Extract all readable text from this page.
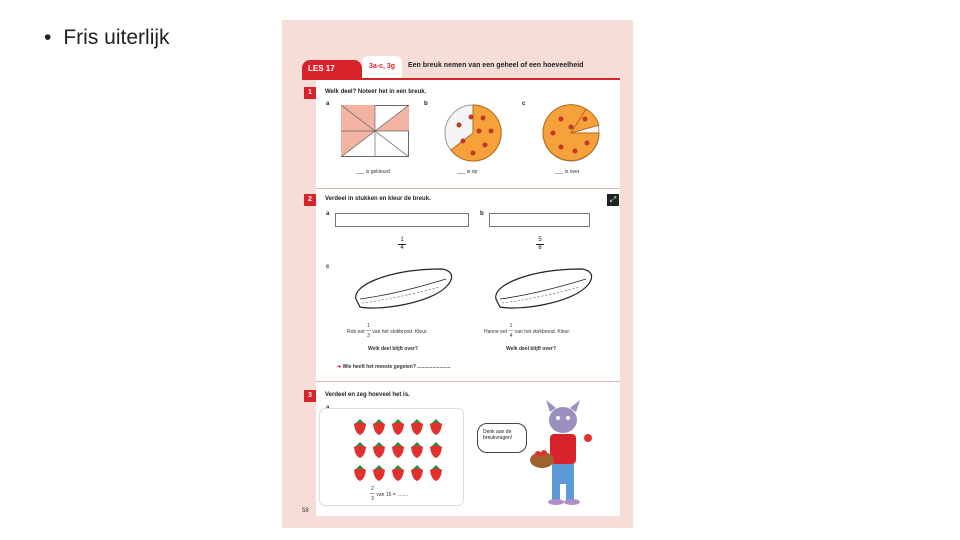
• Fris uiterlijk
LES 17	3a-c, 3g	Een breuk nemen van een geheel of een hoeveelheid
58
1	Welk deel? Noteer het in een breuk.
a	b	c
___ is gekleurd	___ is op	___ is over
2	Verdeel in stukken en kleur de breuk.	⤢
a	b
1
4
5
6
c
Rob eet 1
—
3 van het stokbrood. Kleur.	Hanne eet 1
—
4 van het stokbrood. Kleur.
Welk deel blijft over?	Welk deel blijft over?
➔ Wie heeft het meeste gegeten? ........................
3	Verdeel en zeg hoeveel het is.
2
—
3 van 15 = ........
Denk aan de breukvragen!
